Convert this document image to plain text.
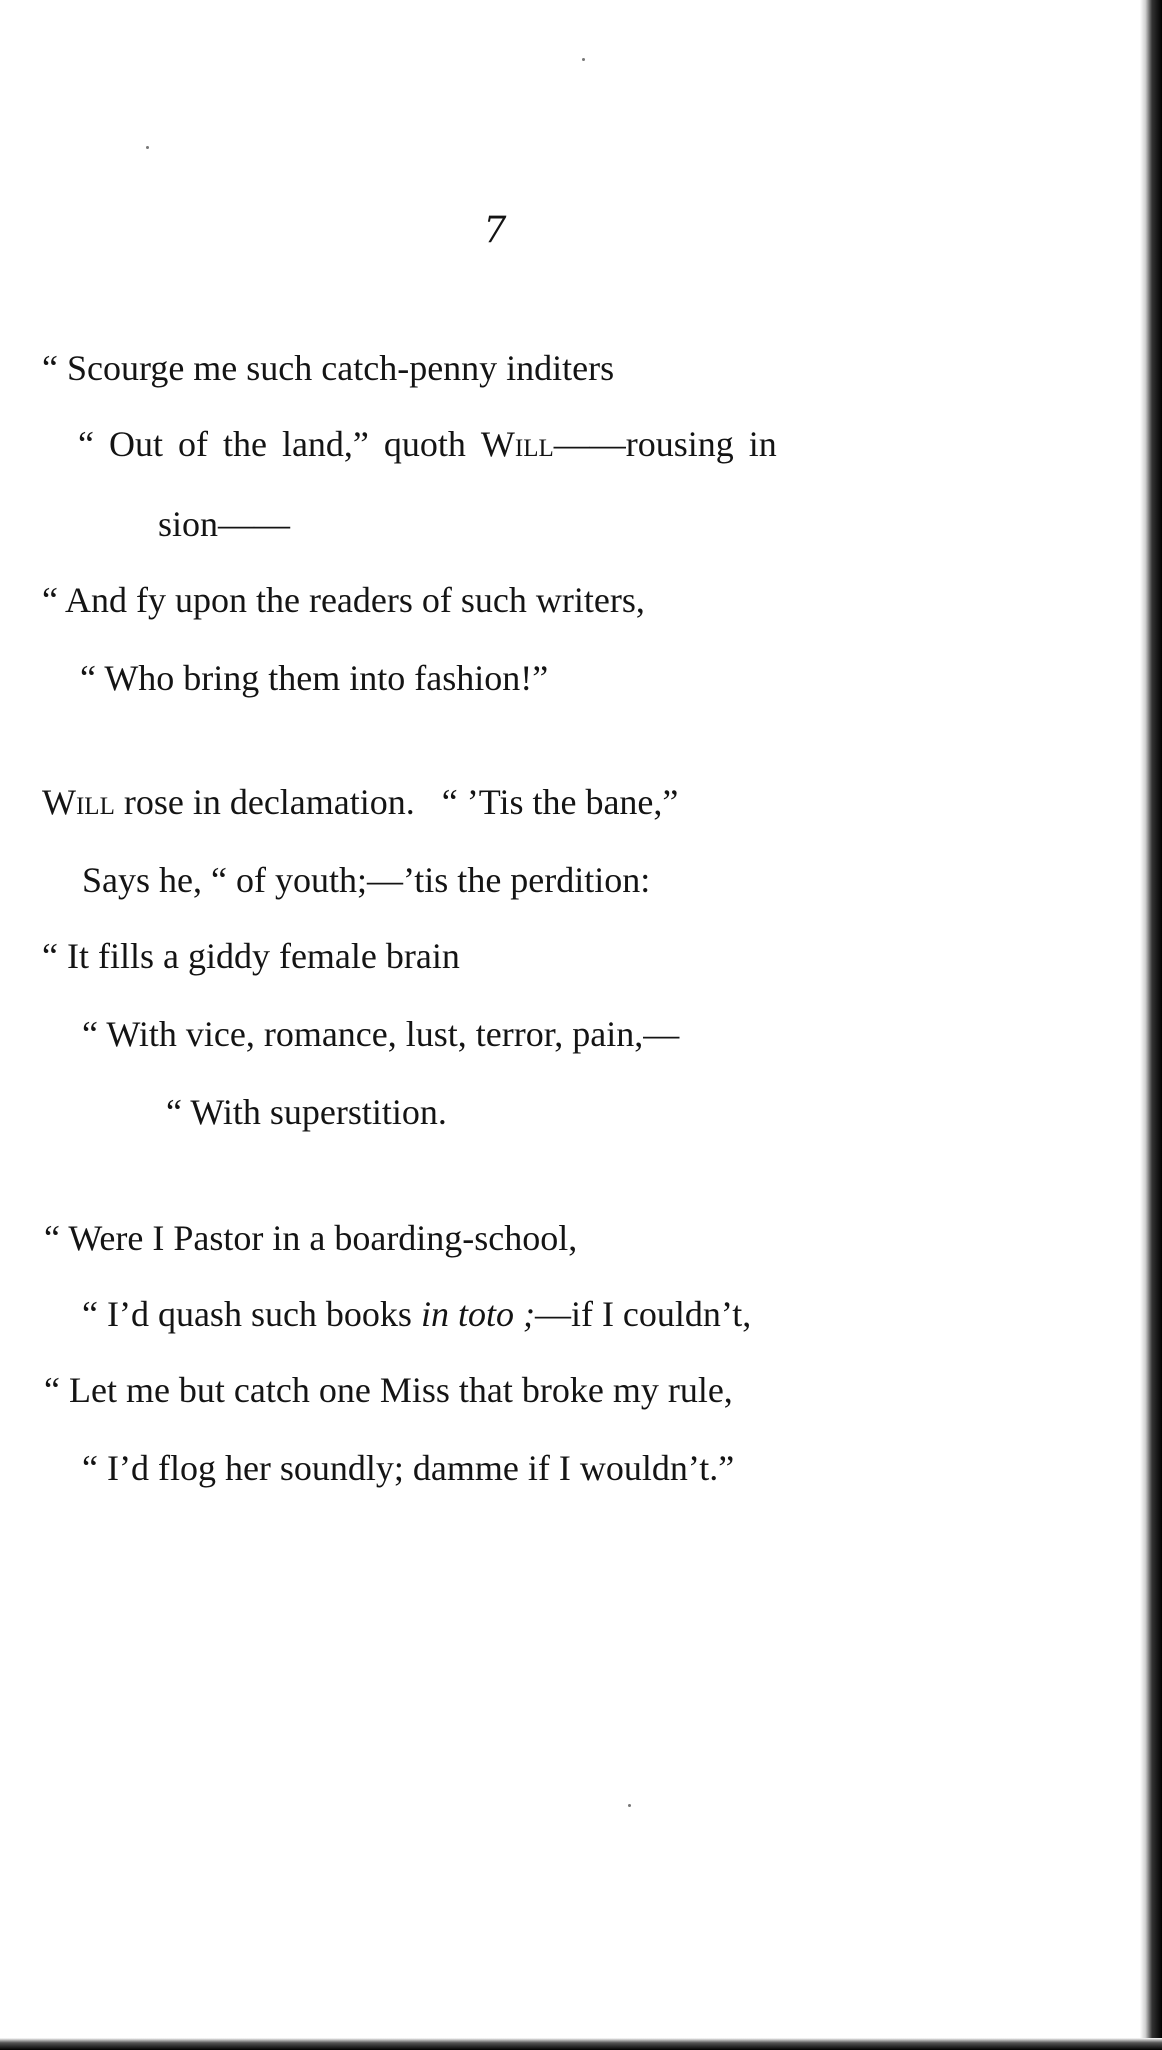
7
“ Scourge me such catch-penny inditers
“ Out of the land,” quoth Will——rousing in
sion——
“ And fy upon the readers of such writers,
“ Who bring them into fashion!”
Will rose in declamation.   “ ’Tis the bane,”
Says he, “ of youth;—’tis the perdition:
“ It fills a giddy female brain
“ With vice, romance, lust, terror, pain,—
“ With superstition.
“ Were I Pastor in a boarding-school,
“ I’d quash such books in toto ;—if I couldn’t,
“ Let me but catch one Miss that broke my rule,
“ I’d flog her soundly; damme if I wouldn’t.”
